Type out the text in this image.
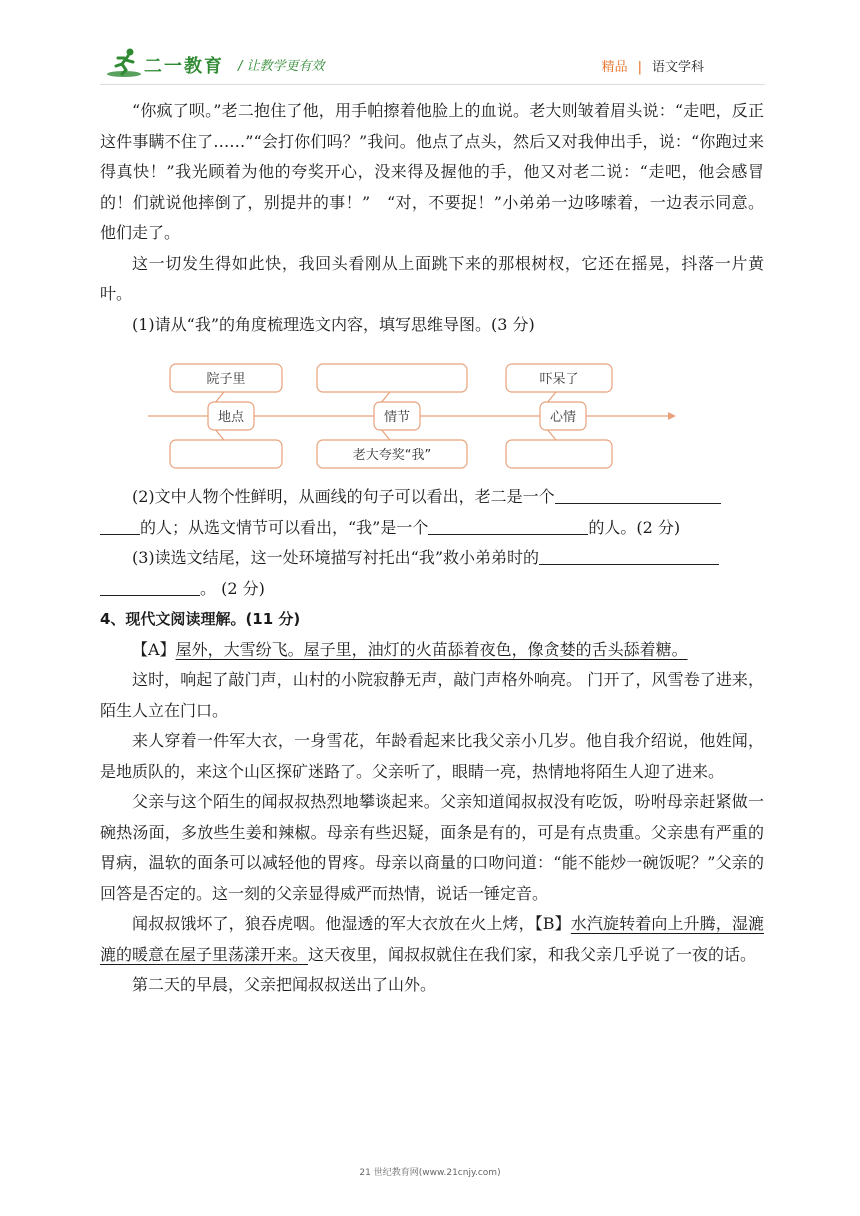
二一教育 / 让教学更有效	精品 | 语文学科

“你疯了呗。”老二抱住了他，用手帕擦着他脸上的血说。老大则皱着眉头说：“走吧，反正这件事瞒不住了……”“会打你们吗？”我问。他点了点头，然后又对我伸出手，说：“你跑过来得真快！”我光顾着为他的夸奖开心，没来得及握他的手，他又对老二说：“走吧，他会感冒的！们就说他摔倒了，别提井的事！”　“对，不要捉！”小弟弟一边哆嗦着，一边表示同意。他们走了。

这一切发生得如此快，我回头看刚从上面跳下来的那根树杈，它还在摇晃，抖落一片黄叶。

(1)请从“我”的角度梳理选文内容，填写思维导图。(3 分)

院子里	吓呆了
地点	情节	心情
老大夸奖“我”

(2)文中人物个性鲜明，从画线的句子可以看出，老二是一个

的人；从选文情节可以看出，“我”是一个	的人。(2 分)

(3)读选文结尾，这一处环境描写衬托出“我”救小弟弟时的

。 (2 分)

4、现代文阅读理解。(11 分)

【A】屋外，大雪纷飞。屋子里，油灯的火苗舔着夜色，像贪婪的舌头舔着糖。

这时，响起了敲门声，山村的小院寂静无声，敲门声格外响亮。 门开了，风雪卷了进来，陌生人立在门口。

来人穿着一件军大衣，一身雪花，年龄看起来比我父亲小几岁。他自我介绍说，他姓闻，是地质队的，来这个山区探矿迷路了。父亲听了，眼睛一亮，热情地将陌生人迎了进来。

父亲与这个陌生的闻叔叔热烈地攀谈起来。父亲知道闻叔叔没有吃饭，吩咐母亲赶紧做一碗热汤面，多放些生姜和辣椒。母亲有些迟疑，面条是有的，可是有点贵重。父亲患有严重的胃病，温软的面条可以减轻他的胃疼。母亲以商量的口吻问道：“能不能炒一碗饭呢？”父亲的回答是否定的。这一刻的父亲显得威严而热情，说话一锤定音。

闻叔叔饿坏了，狼吞虎咽。他湿透的军大衣放在火上烤，【B】水汽旋转着向上升腾，湿漉漉的暖意在屋子里荡漾开来。这天夜里，闻叔叔就住在我们家，和我父亲几乎说了一夜的话。

第二天的早晨，父亲把闻叔叔送出了山外。

21 世纪教育网(www.21cnjy.com)
